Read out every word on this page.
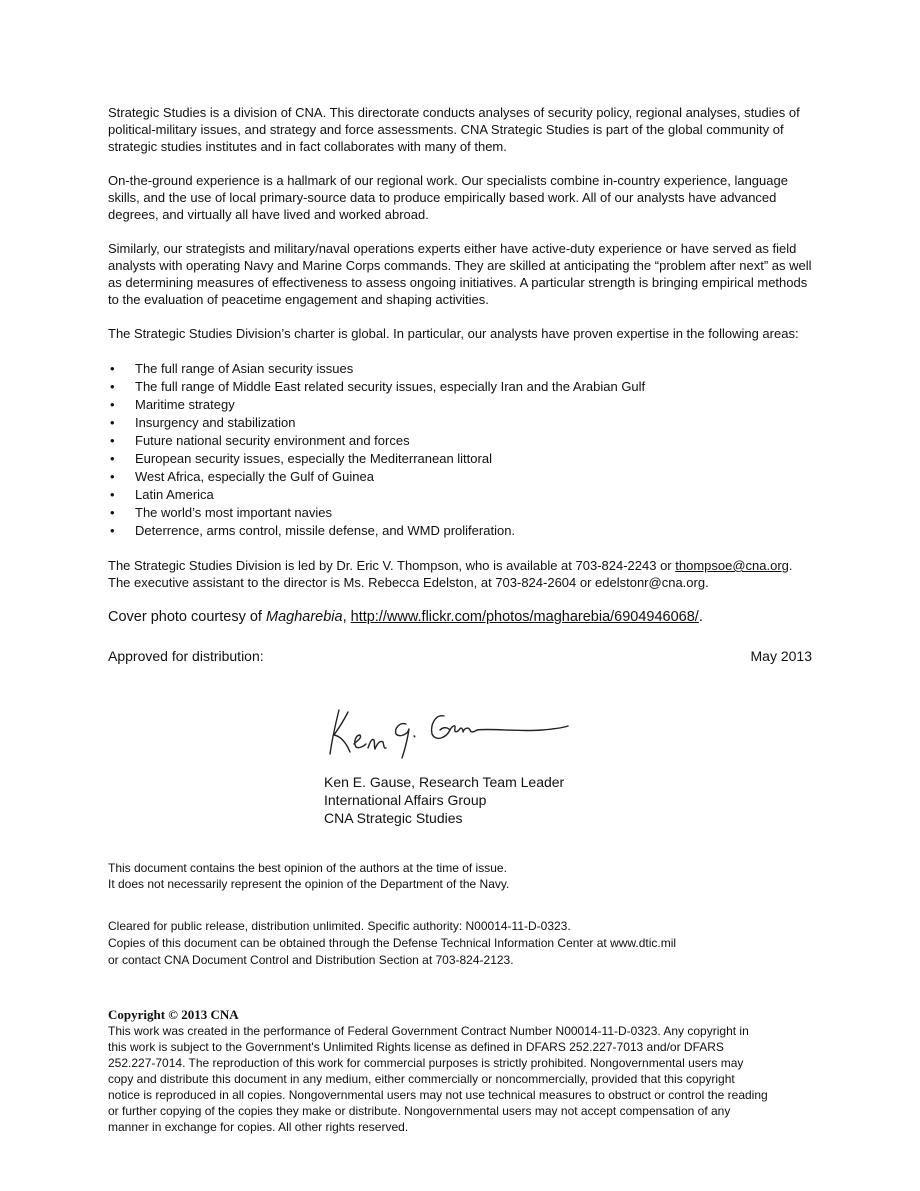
Strategic Studies is a division of CNA. This directorate conducts analyses of security policy, regional analyses, studies of political-military issues, and strategy and force assessments. CNA Strategic Studies is part of the global community of strategic studies institutes and in fact collaborates with many of them.

On-the-ground experience is a hallmark of our regional work. Our specialists combine in-country experience, language skills, and the use of local primary-source data to produce empirically based work. All of our analysts have advanced degrees, and virtually all have lived and worked abroad.

Similarly, our strategists and military/naval operations experts either have active-duty experience or have served as field analysts with operating Navy and Marine Corps commands. They are skilled at anticipating the “problem after next” as well as determining measures of effectiveness to assess ongoing initiatives. A particular strength is bringing empirical methods to the evaluation of peacetime engagement and shaping activities.

The Strategic Studies Division’s charter is global. In particular, our analysts have proven expertise in the following areas:

• The full range of Asian security issues
• The full range of Middle East related security issues, especially Iran and the Arabian Gulf
• Maritime strategy
• Insurgency and stabilization
• Future national security environment and forces
• European security issues, especially the Mediterranean littoral
• West Africa, especially the Gulf of Guinea
• Latin America
• The world’s most important navies
• Deterrence, arms control, missile defense, and WMD proliferation.

The Strategic Studies Division is led by Dr. Eric V. Thompson, who is available at 703-824-2243 or thompsoe@cna.org.
The executive assistant to the director is Ms. Rebecca Edelston, at 703-824-2604 or edelstonr@cna.org.

Cover photo courtesy of Magharebia, http://www.flickr.com/photos/magharebia/6904946068/.

Approved for distribution:	May 2013
Ken E. Gause
Ken E. Gause, Research Team Leader
International Affairs Group
CNA Strategic Studies
This document contains the best opinion of the authors at the time of issue.
It does not necessarily represent the opinion of the Department of the Navy.
Cleared for public release, distribution unlimited. Specific authority: N00014-11-D-0323.
Copies of this document can be obtained through the Defense Technical Information Center at www.dtic.mil
or contact CNA Document Control and Distribution Section at 703-824-2123.
Copyright © 2013 CNA

This work was created in the performance of Federal Government Contract Number N00014-11-D-0323. Any copyright in
this work is subject to the Government's Unlimited Rights license as defined in DFARS 252.227-7013 and/or DFARS
252.227-7014. The reproduction of this work for commercial purposes is strictly prohibited. Nongovernmental users may
copy and distribute this document in any medium, either commercially or noncommercially, provided that this copyright
notice is reproduced in all copies. Nongovernmental users may not use technical measures to obstruct or control the reading
or further copying of the copies they make or distribute. Nongovernmental users may not accept compensation of any
manner in exchange for copies. All other rights reserved.
